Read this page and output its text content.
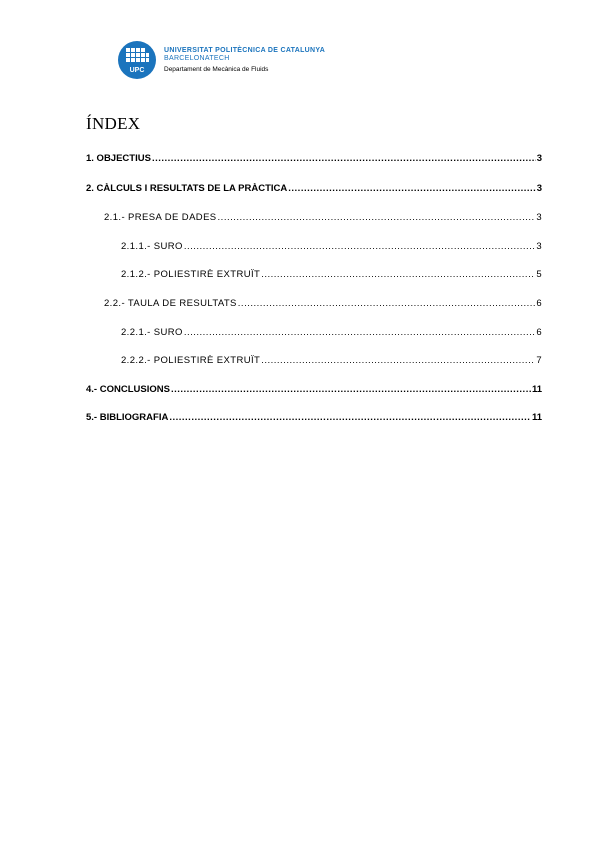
UPC
UNIVERSITAT POLITÈCNICA DE CATALUNYA
BARCELONATECH
Departament de Mecànica de Fluids
ÍNDEX
1. OBJECTIUS .....	3
2. CÀLCULS I RESULTATS DE LA PRÀCTICA .....	3
2.1.- PRESA DE DADES .....	3
2.1.1.- SURO .....	3
2.1.2.- POLIESTIRÈ EXTRUÏT .....	5
2.2.- TAULA DE RESULTATS .....	6
2.2.1.- SURO .....	6
2.2.2.- POLIESTIRÈ EXTRUÏT .....	7
4.- CONCLUSIONS .....	11
5.- BIBLIOGRAFIA .....	11
